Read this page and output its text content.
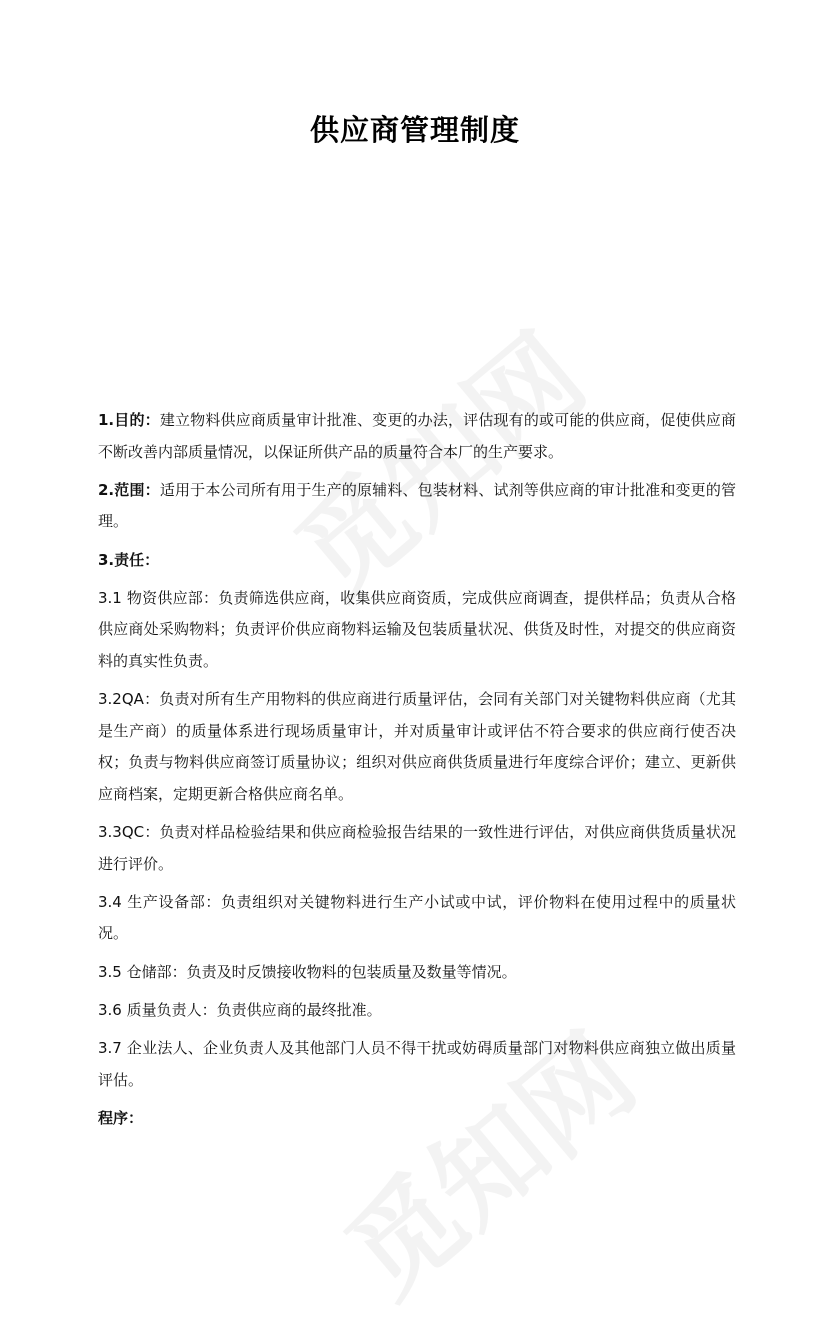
供应商管理制度

1.目的：建立物料供应商质量审计批准、变更的办法，评估现有的或可能的供应商，促使供应商不断改善内部质量情况，以保证所供产品的质量符合本厂的生产要求。

2.范围：适用于本公司所有用于生产的原辅料、包装材料、试剂等供应商的审计批准和变更的管理。

3.责任：

3.1 物资供应部：负责筛选供应商，收集供应商资质，完成供应商调查，提供样品；负责从合格供应商处采购物料；负责评价供应商物料运输及包装质量状况、供货及时性，对提交的供应商资料的真实性负责。

3.2QA：负责对所有生产用物料的供应商进行质量评估，会同有关部门对关键物料供应商（尤其是生产商）的质量体系进行现场质量审计，并对质量审计或评估不符合要求的供应商行使否决权；负责与物料供应商签订质量协议；组织对供应商供货质量进行年度综合评价；建立、更新供应商档案，定期更新合格供应商名单。

3.3QC：负责对样品检验结果和供应商检验报告结果的一致性进行评估，对供应商供货质量状况进行评价。

3.4 生产设备部：负责组织对关键物料进行生产小试或中试，评价物料在使用过程中的质量状况。

3.5 仓储部：负责及时反馈接收物料的包装质量及数量等情况。

3.6 质量负责人：负责供应商的最终批准。

3.7 企业法人、企业负责人及其他部门人员不得干扰或妨碍质量部门对物料供应商独立做出质量评估。

程序：
